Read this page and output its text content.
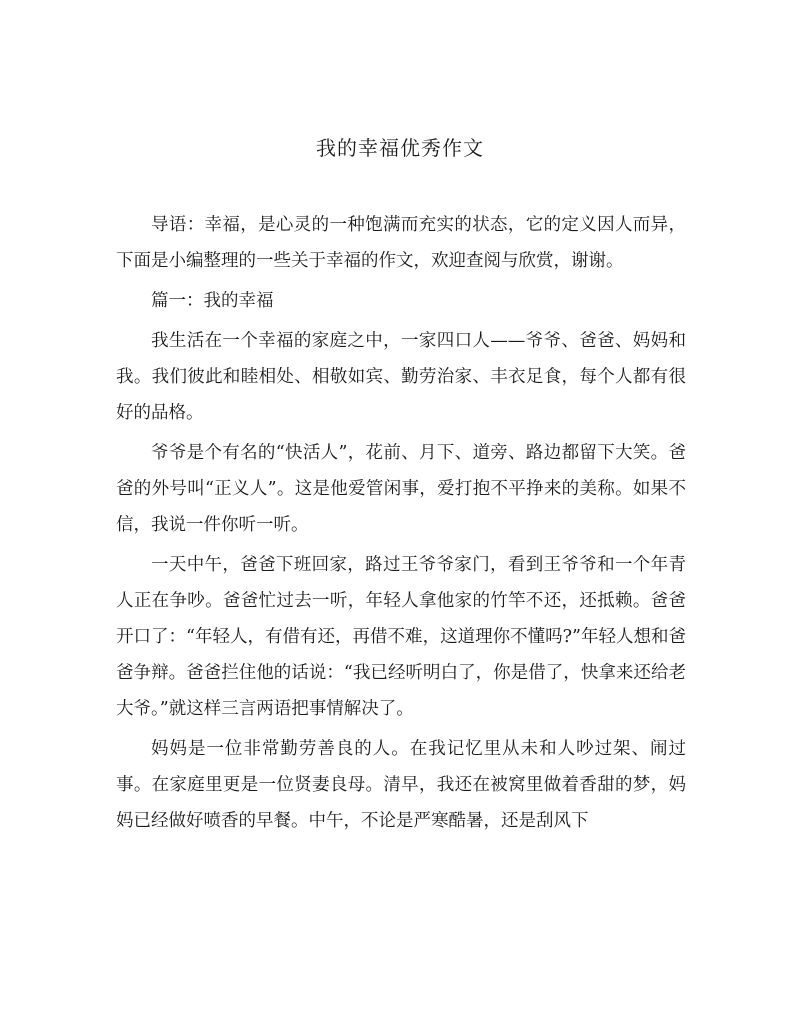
我的幸福优秀作文

导语：幸福，是心灵的一种饱满而充实的状态，它的定义因人而异，下面是小编整理的一些关于幸福的作文，欢迎查阅与欣赏，谢谢。

篇一：我的幸福

我生活在一个幸福的家庭之中，一家四口人——爷爷、爸爸、妈妈和我。我们彼此和睦相处、相敬如宾、勤劳治家、丰衣足食，每个人都有很好的品格。

爷爷是个有名的“快活人”，花前、月下、道旁、路边都留下大笑。爸爸的外号叫“正义人”。这是他爱管闲事，爱打抱不平挣来的美称。如果不信，我说一件你听一听。

一天中午，爸爸下班回家，路过王爷爷家门，看到王爷爷和一个年青人正在争吵。爸爸忙过去一听，年轻人拿他家的竹竿不还，还抵赖。爸爸开口了：“年轻人，有借有还，再借不难，这道理你不懂吗?”年轻人想和爸爸争辩。爸爸拦住他的话说：“我已经听明白了，你是借了，快拿来还给老大爷。”就这样三言两语把事情解决了。

妈妈是一位非常勤劳善良的人。在我记忆里从未和人吵过架、闹过事。在家庭里更是一位贤妻良母。清早，我还在被窝里做着香甜的梦，妈妈已经做好喷香的早餐。中午，不论是严寒酷暑，还是刮风下
